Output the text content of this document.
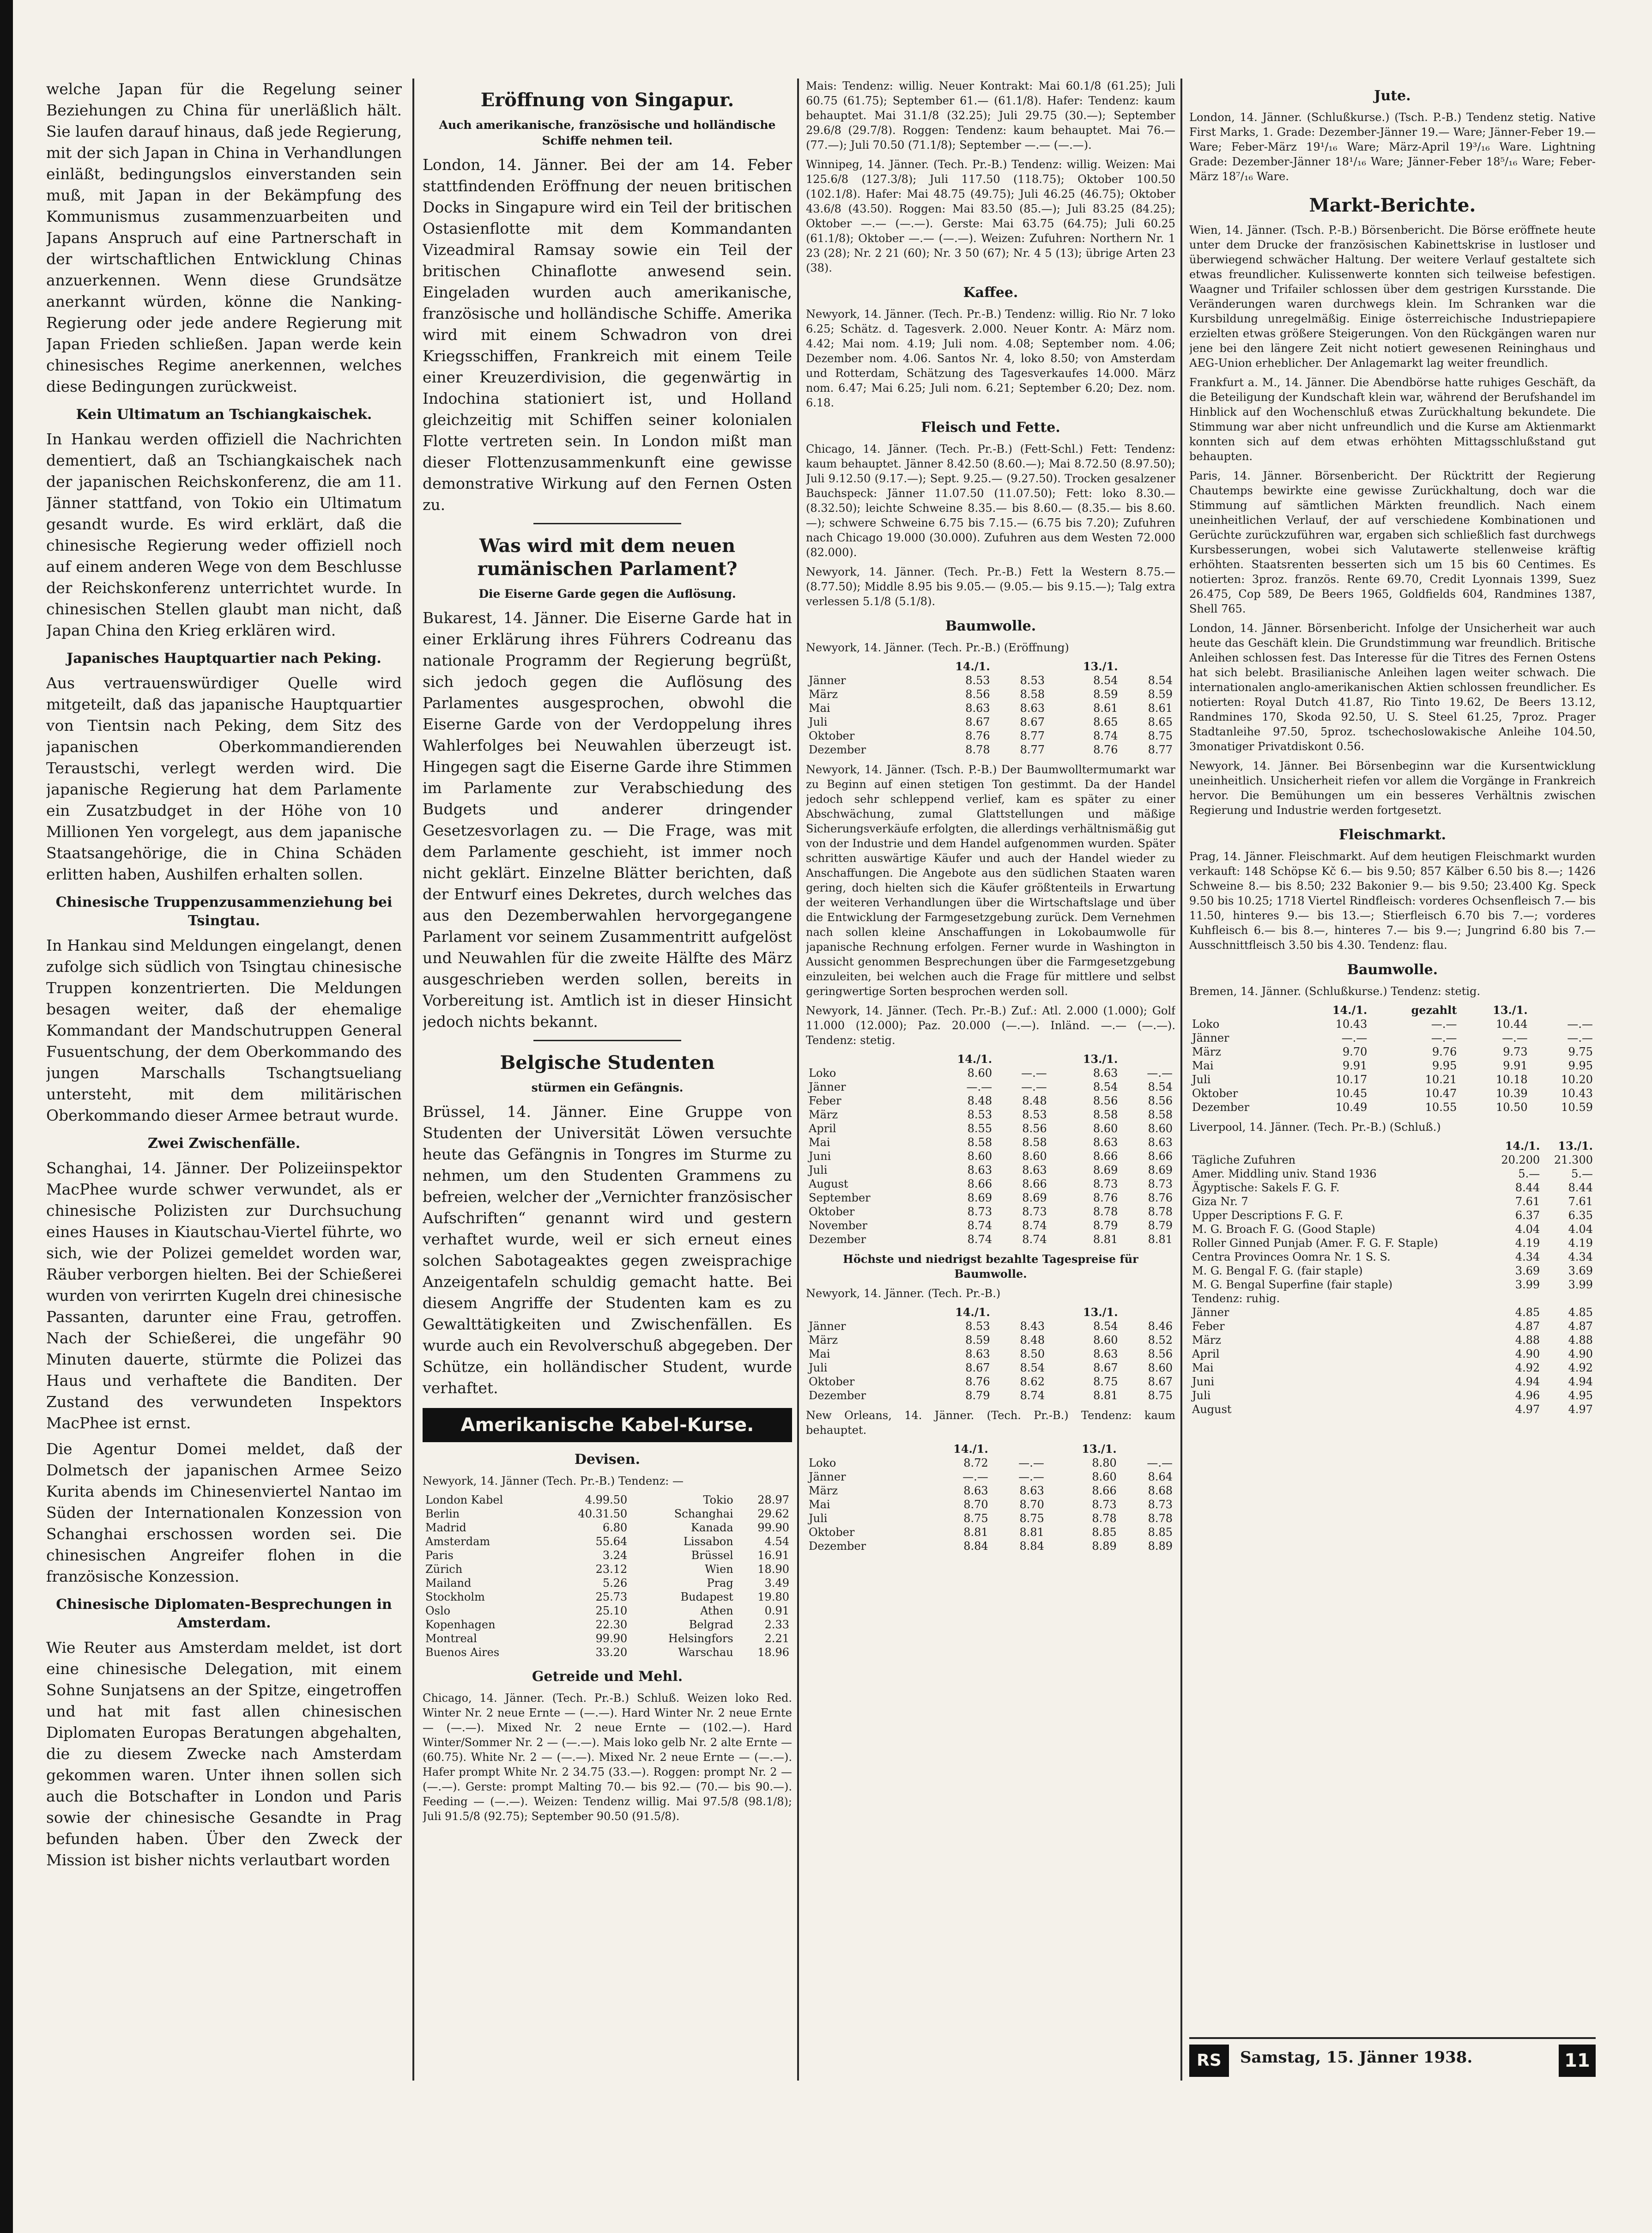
welche Japan für die Regelung seiner Beziehungen zu China für unerläßlich hält. Sie laufen darauf hinaus, daß jede Regierung, mit der sich Japan in China in Verhandlungen einläßt, bedingungslos einverstanden sein muß, mit Japan in der Bekämpfung des Kommunismus zusammenzuarbeiten und Japans Anspruch auf eine Partnerschaft in der wirtschaftlichen Entwicklung Chinas anzuerkennen. Wenn diese Grundsätze anerkannt würden, könne die Nanking-Regierung oder jede andere Regierung mit Japan Frieden schließen. Japan werde kein chinesisches Regime anerkennen, welches diese Bedingungen zurückweist.

Kein Ultimatum an Tschiangkaischek.

In Hankau werden offiziell die Nachrichten dementiert, daß an Tschiangkaischek nach der japanischen Reichskonferenz, die am 11. Jänner stattfand, von Tokio ein Ultimatum gesandt wurde. Es wird erklärt, daß die chinesische Regierung weder offiziell noch auf einem anderen Wege von dem Beschlusse der Reichskonferenz unterrichtet wurde. In chinesischen Stellen glaubt man nicht, daß Japan China den Krieg erklären wird.

Japanisches Hauptquartier nach Peking.

Aus vertrauenswürdiger Quelle wird mitgeteilt, daß das japanische Hauptquartier von Tientsin nach Peking, dem Sitz des japanischen Oberkommandierenden Teraustschi, verlegt werden wird. Die japanische Regierung hat dem Parlamente ein Zusatzbudget in der Höhe von 10 Millionen Yen vorgelegt, aus dem japanische Staatsangehörige, die in China Schäden erlitten haben, Aushilfen erhalten sollen.

Chinesische Truppenzusammenziehung bei Tsingtau.

In Hankau sind Meldungen eingelangt, denen zufolge sich südlich von Tsingtau chinesische Truppen konzentrierten. Die Meldungen besagen weiter, daß der ehemalige Kommandant der Mandschutruppen General Fusuentschung, der dem Oberkommando des jungen Marschalls Tschangtsueliang untersteht, mit dem militärischen Oberkommando dieser Armee betraut wurde.

Zwei Zwischenfälle.

Schanghai, 14. Jänner. Der Polizeiinspektor MacPhee wurde schwer verwundet, als er chinesische Polizisten zur Durchsuchung eines Hauses in Kiautschau-Viertel führte, wo sich, wie der Polizei gemeldet worden war, Räuber verborgen hielten. Bei der Schießerei wurden von verirrten Kugeln drei chinesische Passanten, darunter eine Frau, getroffen. Nach der Schießerei, die ungefähr 90 Minuten dauerte, stürmte die Polizei das Haus und verhaftete die Banditen. Der Zustand des verwundeten Inspektors MacPhee ist ernst.

Die Agentur Domei meldet, daß der Dolmetsch der japanischen Armee Seizo Kurita abends im Chinesenviertel Nantao im Süden der Internationalen Konzession von Schanghai erschossen worden sei. Die chinesischen Angreifer flohen in die französische Konzession.

Chinesische Diplomaten-Besprechungen in Amsterdam.

Wie Reuter aus Amsterdam meldet, ist dort eine chinesische Delegation, mit einem Sohne Sunjatsens an der Spitze, eingetroffen und hat mit fast allen chinesischen Diplomaten Europas Beratungen abgehalten, die zu diesem Zwecke nach Amsterdam gekommen waren. Unter ihnen sollen sich auch die Botschafter in London und Paris sowie der chinesische Gesandte in Prag befunden haben. Über den Zweck der Mission ist bisher nichts verlautbart worden

Eröffnung von Singapur.
Auch amerikanische, französische und holländische Schiffe nehmen teil.

London, 14. Jänner. Bei der am 14. Feber stattfindenden Eröffnung der neuen britischen Docks in Singapure wird ein Teil der britischen Ostasienflotte mit dem Kommandanten Vizeadmiral Ramsay sowie ein Teil der britischen Chinaflotte anwesend sein. Eingeladen wurden auch amerikanische, französische und holländische Schiffe. Amerika wird mit einem Schwadron von drei Kriegsschiffen, Frankreich mit einem Teile einer Kreuzerdivision, die gegenwärtig in Indochina stationiert ist, und Holland gleichzeitig mit Schiffen seiner kolonialen Flotte vertreten sein. In London mißt man dieser Flottenzusammenkunft eine gewisse demonstrative Wirkung auf den Fernen Osten zu.

Was wird mit dem neuen rumänischen Parlament?
Die Eiserne Garde gegen die Auflösung.

Bukarest, 14. Jänner. Die Eiserne Garde hat in einer Erklärung ihres Führers Codreanu das nationale Programm der Regierung begrüßt, sich jedoch gegen die Auflösung des Parlamentes ausgesprochen, obwohl die Eiserne Garde von der Verdoppelung ihres Wahlerfolges bei Neuwahlen überzeugt ist. Hingegen sagt die Eiserne Garde ihre Stimmen im Parlamente zur Verabschiedung des Budgets und anderer dringender Gesetzesvorlagen zu. — Die Frage, was mit dem Parlamente geschieht, ist immer noch nicht geklärt. Einzelne Blätter berichten, daß der Entwurf eines Dekretes, durch welches das aus den Dezemberwahlen hervorgegangene Parlament vor seinem Zusammentritt aufgelöst und Neuwahlen für die zweite Hälfte des März ausgeschrieben werden sollen, bereits in Vorbereitung ist. Amtlich ist in dieser Hinsicht jedoch nichts bekannt.

Belgische Studenten
stürmen ein Gefängnis.

Brüssel, 14. Jänner. Eine Gruppe von Studenten der Universität Löwen versuchte heute das Gefängnis in Tongres im Sturme zu nehmen, um den Studenten Grammens zu befreien, welcher der „Vernichter französischer Aufschriften“ genannt wird und gestern verhaftet wurde, weil er sich erneut eines solchen Sabotageaktes gegen zweisprachige Anzeigentafeln schuldig gemacht hatte. Bei diesem Angriffe der Studenten kam es zu Gewalttätigkeiten und Zwischenfällen. Es wurde auch ein Revolverschuß abgegeben. Der Schütze, ein holländischer Student, wurde verhaftet.

Amerikanische Kabel-Kurse.
Devisen.

Newyork, 14. Jänner (Tech. Pr.-B.) Tendenz: —

London Kabel	4.99.50	Tokio	28.97
Berlin	40.31.50	Schanghai	29.62
Madrid	6.80	Kanada	99.90
Amsterdam	55.64	Lissabon	4.54
Paris	3.24	Brüssel	16.91
Zürich	23.12	Wien	18.90
Mailand	5.26	Prag	3.49
Stockholm	25.73	Budapest	19.80
Oslo	25.10	Athen	0.91
Kopenhagen	22.30	Belgrad	2.33
Montreal	99.90	Helsingfors	2.21
Buenos Aires	33.20	Warschau	18.96
Getreide und Mehl.

Chicago, 14. Jänner. (Tech. Pr.-B.) Schluß. Weizen loko Red. Winter Nr. 2 neue Ernte — (—.—). Hard Winter Nr. 2 neue Ernte — (—.—). Mixed Nr. 2 neue Ernte — (102.—). Hard Winter/Sommer Nr. 2 — (—.—). Mais loko gelb Nr. 2 alte Ernte — (60.75). White Nr. 2 — (—.—). Mixed Nr. 2 neue Ernte — (—.—). Hafer prompt White Nr. 2 34.75 (33.—). Roggen: prompt Nr. 2 — (—.—). Gerste: prompt Malting 70.— bis 92.— (70.— bis 90.—). Feeding — (—.—). Weizen: Tendenz willig. Mai 97.5/8 (98.1/8); Juli 91.5/8 (92.75); September 90.50 (91.5/8).

Mais: Tendenz: willig. Neuer Kontrakt: Mai 60.1/8 (61.25); Juli 60.75 (61.75); September 61.— (61.1/8). Hafer: Tendenz: kaum behauptet. Mai 31.1/8 (32.25); Juli 29.75 (30.—); September 29.6/8 (29.7/8). Roggen: Tendenz: kaum behauptet. Mai 76.— (77.—); Juli 70.50 (71.1/8); September —.— (—.—).

Winnipeg, 14. Jänner. (Tech. Pr.-B.) Tendenz: willig. Weizen: Mai 125.6/8 (127.3/8); Juli 117.50 (118.75); Oktober 100.50 (102.1/8). Hafer: Mai 48.75 (49.75); Juli 46.25 (46.75); Oktober 43.6/8 (43.50). Roggen: Mai 83.50 (85.—); Juli 83.25 (84.25); Oktober —.— (—.—). Gerste: Mai 63.75 (64.75); Juli 60.25 (61.1/8); Oktober —.— (—.—). Weizen: Zufuhren: Northern Nr. 1 23 (28); Nr. 2 21 (60); Nr. 3 50 (67); Nr. 4 5 (13); übrige Arten 23 (38).

Kaffee.

Newyork, 14. Jänner. (Tech. Pr.-B.) Tendenz: willig. Rio Nr. 7 loko 6.25; Schätz. d. Tagesverk. 2.000. Neuer Kontr. A: März nom. 4.42; Mai nom. 4.19; Juli nom. 4.08; September nom. 4.06; Dezember nom. 4.06. Santos Nr. 4, loko 8.50; von Amsterdam und Rotterdam, Schätzung des Tagesverkaufes 14.000. März nom. 6.47; Mai 6.25; Juli nom. 6.21; September 6.20; Dez. nom. 6.18.

Fleisch und Fette.

Chicago, 14. Jänner. (Tech. Pr.-B.) (Fett-Schl.) Fett: Tendenz: kaum behauptet. Jänner 8.42.50 (8.60.—); Mai 8.72.50 (8.97.50); Juli 9.12.50 (9.17.—); Sept. 9.25.— (9.27.50). Trocken gesalzener Bauchspeck: Jänner 11.07.50 (11.07.50); Fett: loko 8.30.— (8.32.50); leichte Schweine 8.35.— bis 8.60.— (8.35.— bis 8.60.—); schwere Schweine 6.75 bis 7.15.— (6.75 bis 7.20); Zufuhren nach Chicago 19.000 (30.000). Zufuhren aus dem Westen 72.000 (82.000).

Newyork, 14. Jänner. (Tech. Pr.-B.) Fett la Western 8.75.— (8.77.50); Middle 8.95 bis 9.05.— (9.05.— bis 9.15.—); Talg extra verlessen 5.1/8 (5.1/8).

Baumwolle.

Newyork, 14. Jänner. (Tech. Pr.-B.) (Eröffnung)

	14./1.		13./1.	
Jänner	8.53	8.53	8.54	8.54
März	8.56	8.58	8.59	8.59
Mai	8.63	8.63	8.61	8.61
Juli	8.67	8.67	8.65	8.65
Oktober	8.76	8.77	8.74	8.75
Dezember	8.78	8.77	8.76	8.77

Newyork, 14. Jänner. (Tsch. P.-B.) Der Baumwolltermumarkt war zu Beginn auf einen stetigen Ton gestimmt. Da der Handel jedoch sehr schleppend verlief, kam es später zu einer Abschwächung, zumal Glattstellungen und mäßige Sicherungsverkäufe erfolgten, die allerdings verhältnismäßig gut von der Industrie und dem Handel aufgenommen wurden. Später schritten auswärtige Käufer und auch der Handel wieder zu Anschaffungen. Die Angebote aus den südlichen Staaten waren gering, doch hielten sich die Käufer größtenteils in Erwartung der weiteren Verhandlungen über die Wirtschaftslage und über die Entwicklung der Farmgesetzgebung zurück. Dem Vernehmen nach sollen kleine Anschaffungen in Lokobaumwolle für japanische Rechnung erfolgen. Ferner wurde in Washington in Aussicht genommen Besprechungen über die Farmgesetzgebung einzuleiten, bei welchen auch die Frage für mittlere und selbst geringwertige Sorten besprochen werden soll.

Newyork, 14. Jänner. (Tech. Pr.-B.) Zuf.: Atl. 2.000 (1.000); Golf 11.000 (12.000); Paz. 20.000 (—.—). Inländ. —.— (—.—). Tendenz: stetig.

	14./1.		13./1.	
Loko	8.60	—.—	8.63	—.—
Jänner	—.—	—.—	8.54	8.54
Feber	8.48	8.48	8.56	8.56
März	8.53	8.53	8.58	8.58
April	8.55	8.56	8.60	8.60
Mai	8.58	8.58	8.63	8.63
Juni	8.60	8.60	8.66	8.66
Juli	8.63	8.63	8.69	8.69
August	8.66	8.66	8.73	8.73
September	8.69	8.69	8.76	8.76
Oktober	8.73	8.73	8.78	8.78
November	8.74	8.74	8.79	8.79
Dezember	8.74	8.74	8.81	8.81

Höchste und niedrigst bezahlte Tagespreise für Baumwolle.

Newyork, 14. Jänner. (Tech. Pr.-B.)

	14./1.		13./1.	
Jänner	8.53	8.43	8.54	8.46
März	8.59	8.48	8.60	8.52
Mai	8.63	8.50	8.63	8.56
Juli	8.67	8.54	8.67	8.60
Oktober	8.76	8.62	8.75	8.67
Dezember	8.79	8.74	8.81	8.75

New Orleans, 14. Jänner. (Tech. Pr.-B.) Tendenz: kaum behauptet.

	14./1.		13./1.	
Loko	8.72	—.—	8.80	—.—
Jänner	—.—	—.—	8.60	8.64
März	8.63	8.63	8.66	8.68
Mai	8.70	8.70	8.73	8.73
Juli	8.75	8.75	8.78	8.78
Oktober	8.81	8.81	8.85	8.85
Dezember	8.84	8.84	8.89	8.89
Jute.

London, 14. Jänner. (Schlußkurse.) (Tsch. P.-B.) Tendenz stetig. Native First Marks, 1. Grade: Dezember-Jänner 19.— Ware; Jänner-Feber 19.— Ware; Feber-März 19¹/₁₆ Ware; März-April 19³/₁₆ Ware. Lightning Grade: Dezember-Jänner 18¹/₁₆ Ware; Jänner-Feber 18⁵/₁₆ Ware; Feber-März 18⁷/₁₆ Ware.

Markt-Berichte.

Wien, 14. Jänner. (Tsch. P.-B.) Börsenbericht. Die Börse eröffnete heute unter dem Drucke der französischen Kabinettskrise in lustloser und überwiegend schwächer Haltung. Der weitere Verlauf gestaltete sich etwas freundlicher. Kulissenwerte konnten sich teilweise befestigen. Waagner und Trifailer schlossen über dem gestrigen Kursstande. Die Veränderungen waren durchwegs klein. Im Schranken war die Kursbildung unregelmäßig. Einige österreichische Industriepapiere erzielten etwas größere Steigerungen. Von den Rückgängen waren nur jene bei den längere Zeit nicht notiert gewesenen Reininghaus und AEG-Union erheblicher. Der Anlagemarkt lag weiter freundlich.

Frankfurt a. M., 14. Jänner. Die Abendbörse hatte ruhiges Geschäft, da die Beteiligung der Kundschaft klein war, während der Berufshandel im Hinblick auf den Wochenschluß etwas Zurückhaltung bekundete. Die Stimmung war aber nicht unfreundlich und die Kurse am Aktienmarkt konnten sich auf dem etwas erhöhten Mittagsschlußstand gut behaupten.

Paris, 14. Jänner. Börsenbericht. Der Rücktritt der Regierung Chautemps bewirkte eine gewisse Zurückhaltung, doch war die Stimmung auf sämtlichen Märkten freundlich. Nach einem uneinheitlichen Verlauf, der auf verschiedene Kombinationen und Gerüchte zurückzuführen war, ergaben sich schließlich fast durchwegs Kursbesserungen, wobei sich Valutawerte stellenweise kräftig erhöhten. Staatsrenten besserten sich um 15 bis 60 Centimes. Es notierten: 3proz. französ. Rente 69.70, Credit Lyonnais 1399, Suez 26.475, Cop 589, De Beers 1965, Goldfields 604, Randmines 1387, Shell 765.

London, 14. Jänner. Börsenbericht. Infolge der Unsicherheit war auch heute das Geschäft klein. Die Grundstimmung war freundlich. Britische Anleihen schlossen fest. Das Interesse für die Titres des Fernen Ostens hat sich belebt. Brasilianische Anleihen lagen weiter schwach. Die internationalen anglo-amerikanischen Aktien schlossen freundlicher. Es notierten: Royal Dutch 41.87, Rio Tinto 19.62, De Beers 13.12, Randmines 170, Skoda 92.50, U. S. Steel 61.25, 7proz. Prager Stadtanleihe 97.50, 5proz. tschechoslowakische Anleihe 104.50, 3monatiger Privatdiskont 0.56.

Newyork, 14. Jänner. Bei Börsenbeginn war die Kursentwicklung uneinheitlich. Unsicherheit riefen vor allem die Vorgänge in Frankreich hervor. Die Bemühungen um ein besseres Verhältnis zwischen Regierung und Industrie werden fortgesetzt.

Fleischmarkt.

Prag, 14. Jänner. Fleischmarkt. Auf dem heutigen Fleischmarkt wurden verkauft: 148 Schöpse Kč 6.— bis 9.50; 857 Kälber 6.50 bis 8.—; 1426 Schweine 8.— bis 8.50; 232 Bakonier 9.— bis 9.50; 23.400 Kg. Speck 9.50 bis 10.25; 1718 Viertel Rindfleisch: vorderes Ochsenfleisch 7.— bis 11.50, hinteres 9.— bis 13.—; Stierfleisch 6.70 bis 7.—; vorderes Kuhfleisch 6.— bis 8.—, hinteres 7.— bis 9.—; Jungrind 6.80 bis 7.— Ausschnittfleisch 3.50 bis 4.30. Tendenz: flau.

Baumwolle.

Bremen, 14. Jänner. (Schlußkurse.) Tendenz: stetig.

	14./1.	gezahlt	13./1.	
Loko	10.43	—.—	10.44	—.—
Jänner	—.—	—.—	—.—	—.—
März	9.70	9.76	9.73	9.75
Mai	9.91	9.95	9.91	9.95
Juli	10.17	10.21	10.18	10.20
Oktober	10.45	10.47	10.39	10.43
Dezember	10.49	10.55	10.50	10.59

Liverpool, 14. Jänner. (Tech. Pr.-B.) (Schluß.)

	14./1.	13./1.
Tägliche Zufuhren	20.200	21.300
Amer. Middling univ. Stand 1936	5.—	5.—
Ägyptische: Sakels F. G. F.	8.44	8.44
Giza Nr. 7	7.61	7.61
Upper Descriptions F. G. F.	6.37	6.35
M. G. Broach F. G. (Good Staple)	4.04	4.04
Roller Ginned Punjab (Amer. F. G. F. Staple)	4.19	4.19
Centra Provinces Oomra Nr. 1 S. S.	4.34	4.34
M. G. Bengal F. G. (fair staple)	3.69	3.69
M. G. Bengal Superfine (fair staple)	3.99	3.99
Tendenz: ruhig.		
Jänner	4.85	4.85
Feber	4.87	4.87
März	4.88	4.88
April	4.90	4.90
Mai	4.92	4.92
Juni	4.94	4.94
Juli	4.96	4.95
August	4.97	4.97
RS	Samstag, 15. Jänner 1938.	11
